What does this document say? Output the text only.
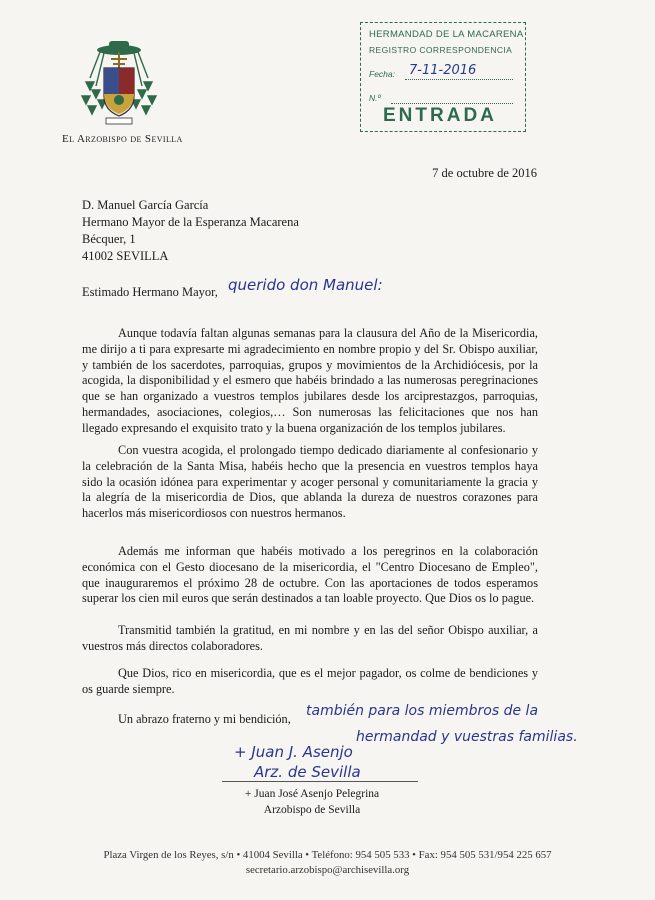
El Arzobispo de Sevilla
HERMANDAD DE LA MACARENA
REGISTRO CORRESPONDENCIA
Fecha: 7-11-2016
N.º
ENTRADA
7 de octubre de 2016
D. Manuel García García
Hermano Mayor de la Esperanza Macarena
Bécquer, 1
41002 SEVILLA
Estimado Hermano Mayor, querido don Manuel:
Aunque todavía faltan algunas semanas para la clausura del Año de la Misericordia, me dirijo a ti para expresarte mi agradecimiento en nombre propio y del Sr. Obispo auxiliar, y también de los sacerdotes, parroquias, grupos y movimientos de la Archidiócesis, por la acogida, la disponibilidad y el esmero que habéis brindado a las numerosas peregrinaciones que se han organizado a vuestros templos jubilares desde los arciprestazgos, parroquias, hermandades, asociaciones, colegios,… Son numerosas las felicitaciones que nos han llegado expresando el exquisito trato y la buena organización de los templos jubilares.
Con vuestra acogida, el prolongado tiempo dedicado diariamente al confesionario y la celebración de la Santa Misa, habéis hecho que la presencia en vuestros templos haya sido la ocasión idónea para experimentar y acoger personal y comunitariamente la gracia y la alegría de la misericordia de Dios, que ablanda la dureza de nuestros corazones para hacerlos más misericordiosos con nuestros hermanos.
Además me informan que habéis motivado a los peregrinos en la colaboración económica con el Gesto diocesano de la misericordia, el "Centro Diocesano de Empleo", que inauguraremos el próximo 28 de octubre. Con las aportaciones de todos esperamos superar los cien mil euros que serán destinados a tan loable proyecto. Que Dios os lo pague.
Transmitid también la gratitud, en mi nombre y en las del señor Obispo auxiliar, a vuestros más directos colaboradores.
Que Dios, rico en misericordia, que es el mejor pagador, os colme de bendiciones y os guarde siempre.
Un abrazo fraterno y mi bendición, también para los miembros de la
hermandad y vuestras familias.
+ Juan J. Asenjo
Arz. de Sevilla
+ Juan José Asenjo Pelegrina
Arzobispo de Sevilla
Plaza Virgen de los Reyes, s/n • 41004 Sevilla • Teléfono: 954 505 533 • Fax: 954 505 531/954 225 657
secretario.arzobispo@archisevilla.org
